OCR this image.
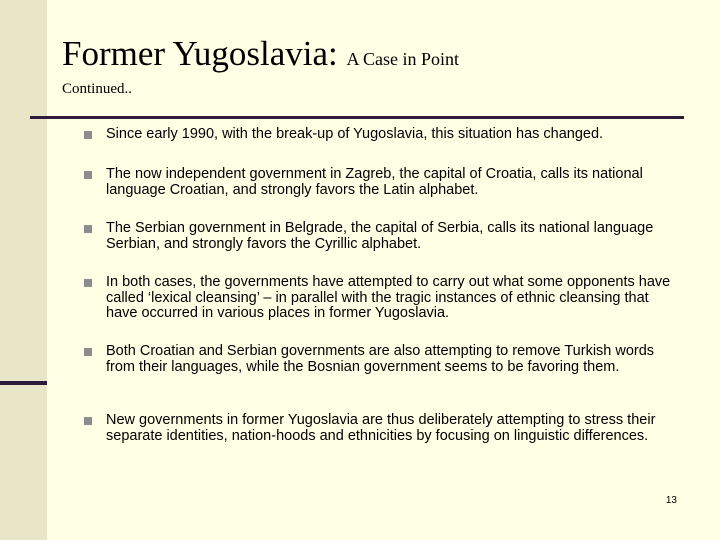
Former Yugoslavia: A Case in Point
Continued..
Since early 1990, with the break-up of Yugoslavia, this situation has changed.
The now independent government in Zagreb, the capital of Croatia, calls its national language Croatian, and strongly favors the Latin alphabet.
The Serbian government in Belgrade, the capital of Serbia, calls its national language Serbian, and strongly favors the Cyrillic alphabet.
In both cases, the governments have attempted to carry out what some opponents have called ‘lexical cleansing’ – in parallel with the tragic instances of ethnic cleansing that have occurred in various places in former Yugoslavia.
Both Croatian and Serbian governments are also attempting to remove Turkish words from their languages, while the Bosnian government seems to be favoring them.
New governments in former Yugoslavia are thus deliberately attempting to stress their separate identities, nation-hoods and ethnicities by focusing on linguistic differences.
13
